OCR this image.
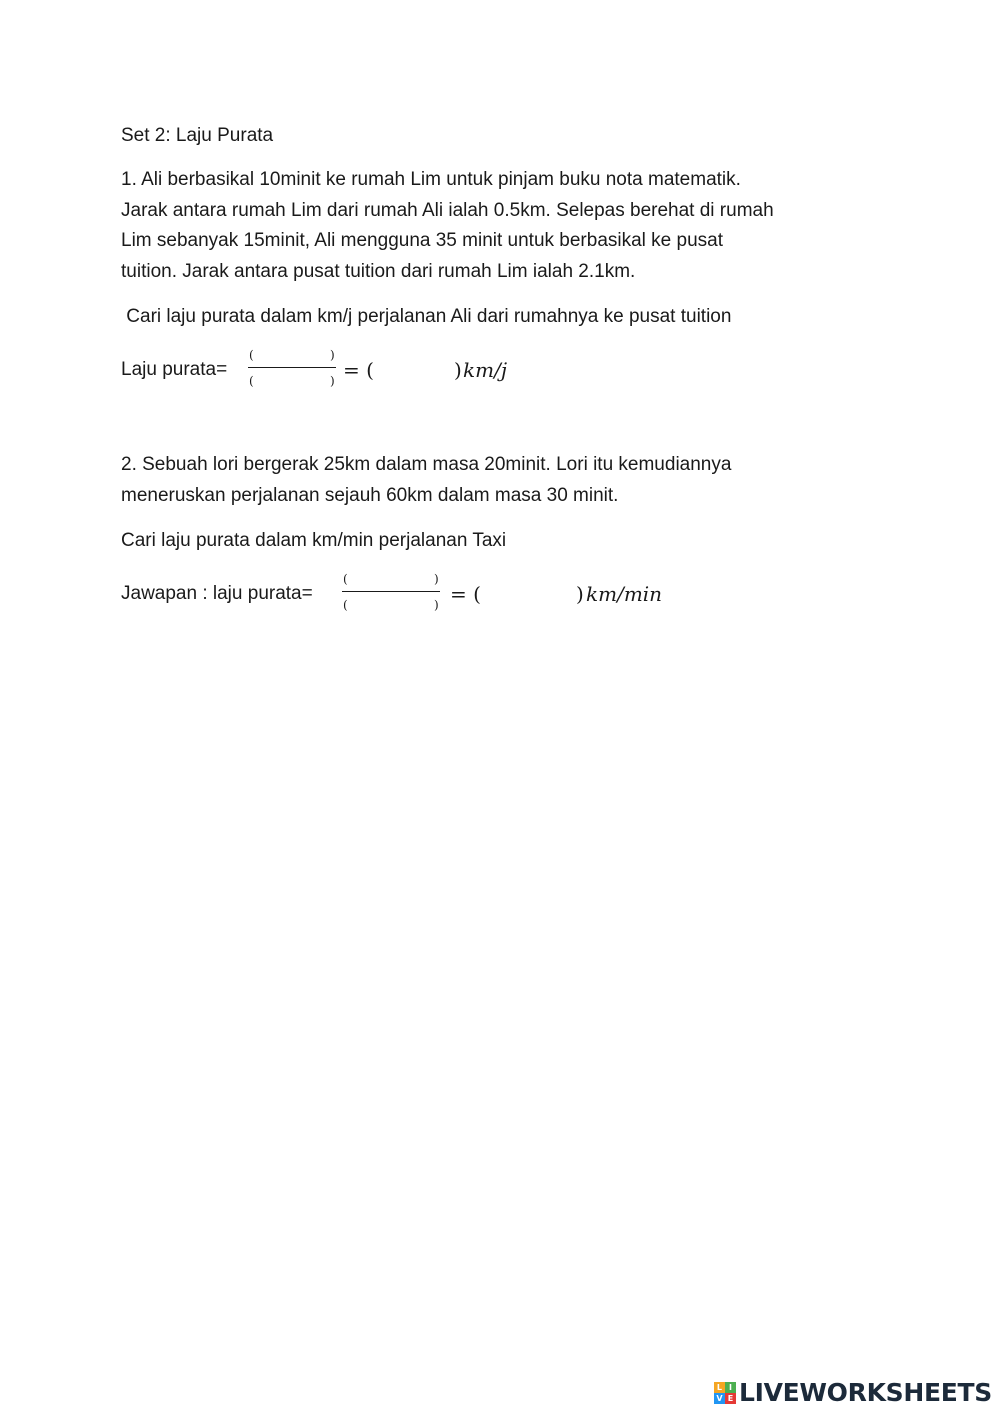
Set 2: Laju Purata
1. Ali berbasikal 10minit ke rumah Lim untuk pinjam buku nota matematik.
Jarak antara rumah Lim dari rumah Ali ialah 0.5km. Selepas berehat di rumah
Lim sebanyak 15minit, Ali mengguna 35 minit untuk berbasikal ke pusat
tuition. Jarak antara pusat tuition dari rumah Lim ialah 2.1km.
Cari laju purata dalam km/j perjalanan Ali dari rumahnya ke pusat tuition
Laju purata=
(	)
(	) = (	) km/j
2. Sebuah lori bergerak 25km dalam masa 20minit. Lori itu kemudiannya
meneruskan perjalanan sejauh 60km dalam masa 30 minit.
Cari laju purata dalam km/min perjalanan Taxi
Jawapan : laju purata=
(	)
(	) = (	) km/min
L I
V E LIVEWORKSHEETS
